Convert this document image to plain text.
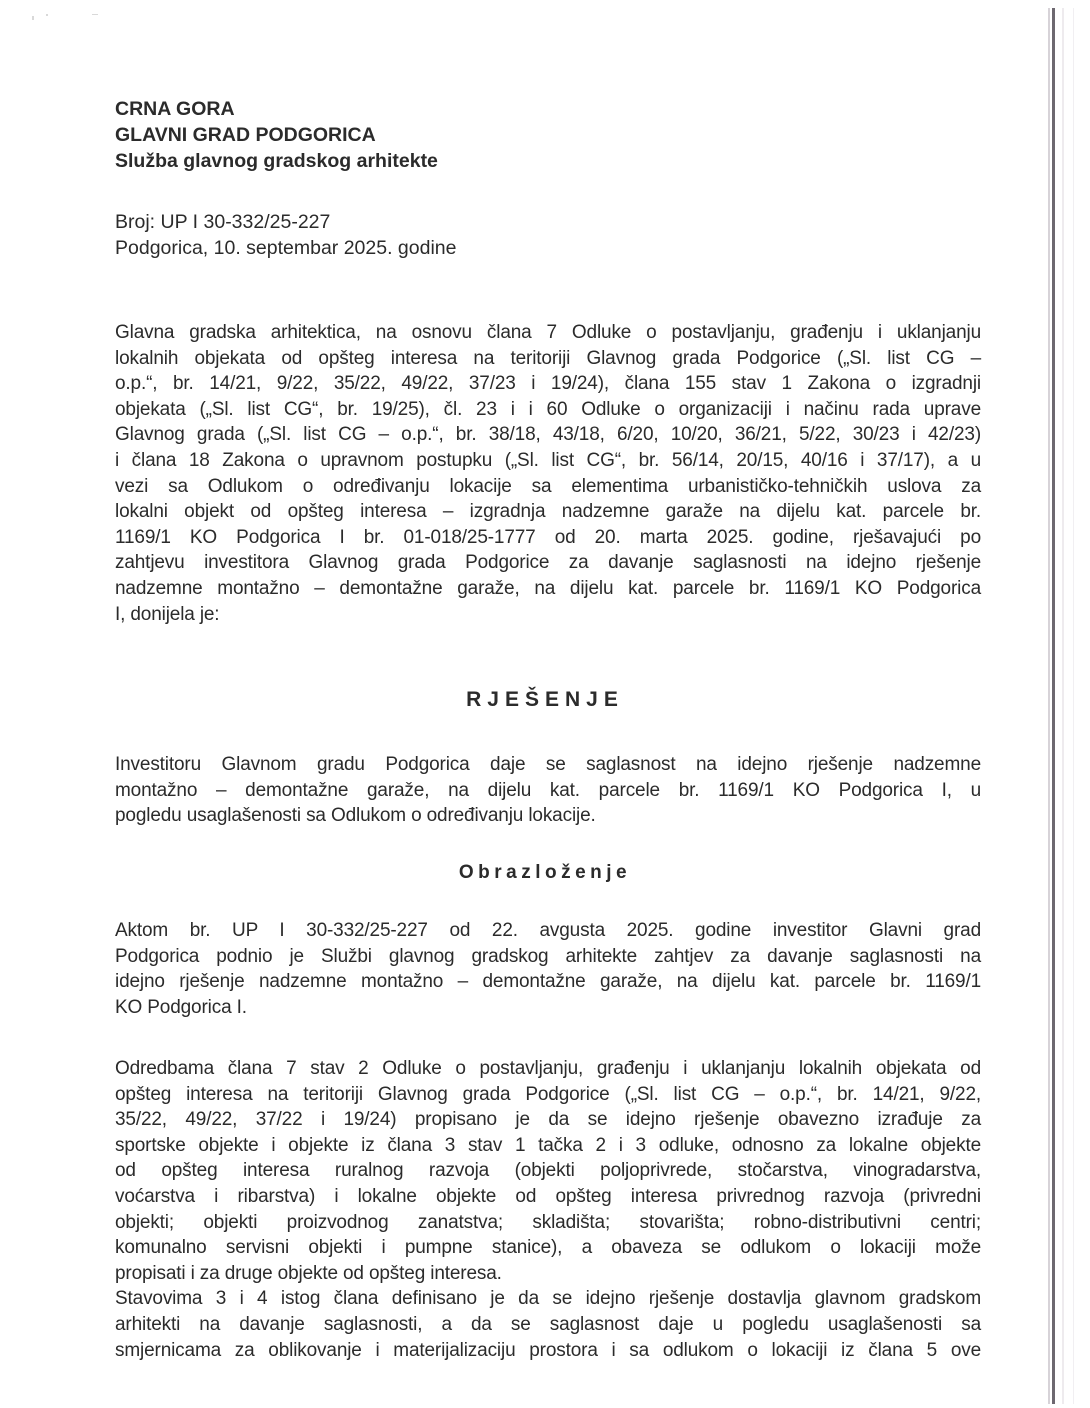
CRNA GORA
GLAVNI GRAD PODGORICA
Služba glavnog gradskog arhitekte
Broj: UP I 30-332/25-227
Podgorica, 10. septembar 2025. godine
Glavna gradska arhitektica, na osnovu člana 7 Odluke o postavljanju, građenju i uklanjanju
lokalnih objekata od opšteg interesa na teritoriji Glavnog grada Podgorice („Sl. list CG –
o.p.“, br. 14/21, 9/22, 35/22, 49/22, 37/23 i 19/24), člana 155 stav 1 Zakona o izgradnji
objekata („Sl. list CG“, br. 19/25), čl. 23 i i 60 Odluke o organizaciji i načinu rada uprave
Glavnog grada („Sl. list CG – o.p.“, br. 38/18, 43/18, 6/20, 10/20, 36/21, 5/22, 30/23 i 42/23)
i člana 18 Zakona o upravnom postupku („Sl. list CG“, br. 56/14, 20/15, 40/16 i 37/17), a u
vezi sa Odlukom o određivanju lokacije sa elementima urbanističko-tehničkih uslova za
lokalni objekt od opšteg interesa – izgradnja nadzemne garaže na dijelu kat. parcele br.
1169/1 KO Podgorica I br. 01-018/25-1777 od 20. marta 2025. godine, rješavajući po
zahtjevu investitora Glavnog grada Podgorice za davanje saglasnosti na idejno rješenje
nadzemne montažno – demontažne garaže, na dijelu kat. parcele br. 1169/1 KO Podgorica
I, donijela je:
RJEŠENJE
Investitoru Glavnom gradu Podgorica daje se saglasnost na idejno rješenje nadzemne
montažno – demontažne garaže, na dijelu kat. parcele br. 1169/1 KO Podgorica I, u
pogledu usaglašenosti sa Odlukom o određivanju lokacije.
Obrazloženje
Aktom br. UP I 30-332/25-227 od 22. avgusta 2025. godine investitor Glavni grad
Podgorica podnio je Službi glavnog gradskog arhitekte zahtjev za davanje saglasnosti na
idejno rješenje nadzemne montažno – demontažne garaže, na dijelu kat. parcele br. 1169/1
KO Podgorica I.
Odredbama člana 7 stav 2 Odluke o postavljanju, građenju i uklanjanju lokalnih objekata od
opšteg interesa na teritoriji Glavnog grada Podgorice („Sl. list CG – o.p.“, br. 14/21, 9/22,
35/22, 49/22, 37/22 i 19/24) propisano je da se idejno rješenje obavezno izrađuje za
sportske objekte i objekte iz člana 3 stav 1 tačka 2 i 3 odluke, odnosno za lokalne objekte
od opšteg interesa ruralnog razvoja (objekti poljoprivrede, stočarstva, vinogradarstva,
voćarstva i ribarstva) i lokalne objekte od opšteg interesa privrednog razvoja (privredni
objekti; objekti proizvodnog zanatstva; skladišta; stovarišta; robno-distributivni centri;
komunalno servisni objekti i pumpne stanice), a obaveza se odlukom o lokaciji može
propisati i za druge objekte od opšteg interesa.
Stavovima 3 i 4 istog člana definisano je da se idejno rješenje dostavlja glavnom gradskom
arhitekti na davanje saglasnosti, a da se saglasnost daje u pogledu usaglašenosti sa
smjernicama za oblikovanje i materijalizaciju prostora i sa odlukom o lokaciji iz člana 5 ove
